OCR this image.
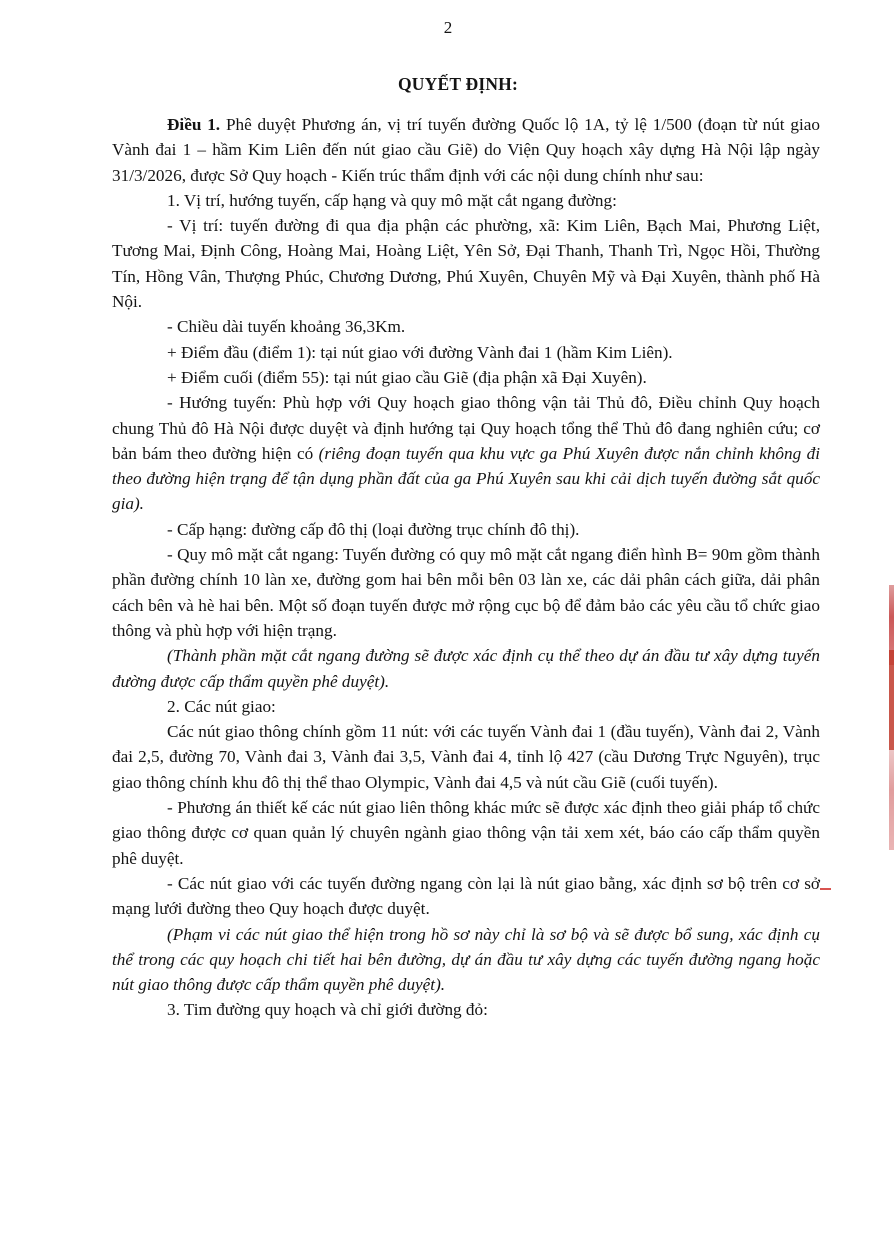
2
QUYẾT ĐỊNH:

Điều 1. Phê duyệt Phương án, vị trí tuyến đường Quốc lộ 1A, tỷ lệ 1/500 (đoạn từ nút giao Vành đai 1 – hầm Kim Liên đến nút giao cầu Giẽ) do Viện Quy hoạch xây dựng Hà Nội lập ngày 31/3/2026, được Sở Quy hoạch - Kiến trúc thẩm định với các nội dung chính như sau:

1. Vị trí, hướng tuyến, cấp hạng và quy mô mặt cắt ngang đường:

- Vị trí: tuyến đường đi qua địa phận các phường, xã: Kim Liên, Bạch Mai, Phương Liệt, Tương Mai, Định Công, Hoàng Mai, Hoàng Liệt, Yên Sở, Đại Thanh, Thanh Trì, Ngọc Hồi, Thường Tín, Hồng Vân, Thượng Phúc, Chương Dương, Phú Xuyên, Chuyên Mỹ và Đại Xuyên, thành phố Hà Nội.

- Chiều dài tuyến khoảng 36,3Km.

+ Điểm đầu (điểm 1): tại nút giao với đường Vành đai 1 (hầm Kim Liên).

+ Điểm cuối (điểm 55): tại nút giao cầu Giẽ (địa phận xã Đại Xuyên).

- Hướng tuyến: Phù hợp với Quy hoạch giao thông vận tải Thủ đô, Điều chỉnh Quy hoạch chung Thủ đô Hà Nội được duyệt và định hướng tại Quy hoạch tổng thể Thủ đô đang nghiên cứu; cơ bản bám theo đường hiện có (riêng đoạn tuyến qua khu vực ga Phú Xuyên được nắn chỉnh không đi theo đường hiện trạng để tận dụng phần đất của ga Phú Xuyên sau khi cải dịch tuyến đường sắt quốc gia).

- Cấp hạng: đường cấp đô thị (loại đường trục chính đô thị).

- Quy mô mặt cắt ngang: Tuyến đường có quy mô mặt cắt ngang điển hình B= 90m gồm thành phần đường chính 10 làn xe, đường gom hai bên mỗi bên 03 làn xe, các dải phân cách giữa, dải phân cách bên và hè hai bên. Một số đoạn tuyến được mở rộng cục bộ để đảm bảo các yêu cầu tổ chức giao thông và phù hợp với hiện trạng.

(Thành phần mặt cắt ngang đường sẽ được xác định cụ thể theo dự án đầu tư xây dựng tuyến đường được cấp thẩm quyền phê duyệt).

2. Các nút giao:

Các nút giao thông chính gồm 11 nút: với các tuyến Vành đai 1 (đầu tuyến), Vành đai 2, Vành đai 2,5, đường 70, Vành đai 3, Vành đai 3,5, Vành đai 4, tỉnh lộ 427 (cầu Dương Trực Nguyên), trục giao thông chính khu đô thị thể thao Olympic, Vành đai 4,5 và nút cầu Giẽ (cuối tuyến).

- Phương án thiết kế các nút giao liên thông khác mức sẽ được xác định theo giải pháp tổ chức giao thông được cơ quan quản lý chuyên ngành giao thông vận tải xem xét, báo cáo cấp thẩm quyền phê duyệt.

- Các nút giao với các tuyến đường ngang còn lại là nút giao bằng, xác định sơ bộ trên cơ sở mạng lưới đường theo Quy hoạch được duyệt.

(Phạm vi các nút giao thể hiện trong hồ sơ này chỉ là sơ bộ và sẽ được bổ sung, xác định cụ thể trong các quy hoạch chi tiết hai bên đường, dự án đầu tư xây dựng các tuyến đường ngang hoặc nút giao thông được cấp thẩm quyền phê duyệt).

3. Tim đường quy hoạch và chỉ giới đường đỏ:
